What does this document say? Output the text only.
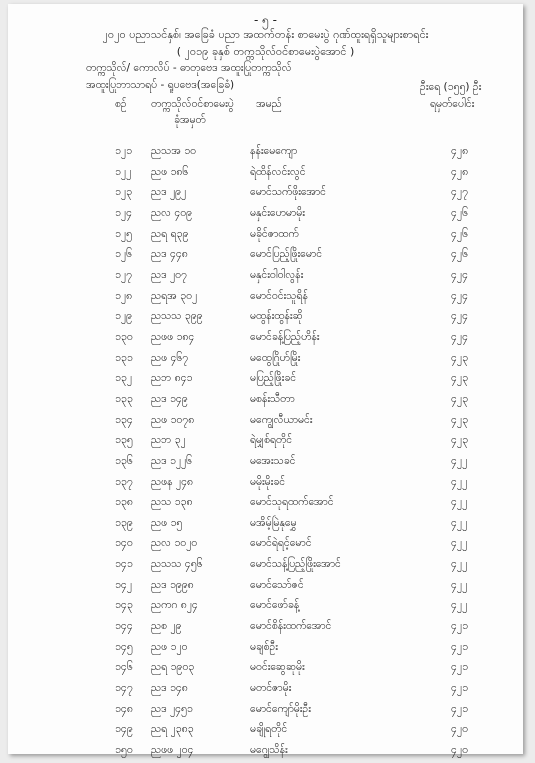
- ၅ -
၂၀၂၀ ပညာသင်နှစ်၊ အခြေခံ ပညာ အထက်တန်း စာမေးပွဲ ဂုဏ်ထူးရရှိသူများစာရင်း
( ၂၀၁၉ ခုနှစ် တက္ကသိုလ်ဝင်စာမေးပွဲအောင် )
တက္ကသိုလ်/ ကောလိပ် - ဓာတုဗေဒ အထူးပြုတက္ကသိုလ်
အထူးပြုဘာသာရပ် - ရူပဗေဒ(အခြေခံ)	ဦးရေ (၁၅၅) ဦး
စဉ် တက္ကသိုလ်ဝင်စာမေးပွဲ
ခုံအမှတ်
အမည်	ရမှတ်ပေါင်း
၁၂၁ ညသအ ၁၀	နန်းမေကျော	၄၂၈
၁၂၂ ညဖ ၁၈၆	ရဲထိန်လင်းလွင်	၄၂၈
၁၂၃ ညဒ ၂၉၂	မောင်သက်ဖိုးအောင်	၄၂၇
၁၂၄ ညလ ၄၀၉	မနှင်းဟေမာမိုး	၄၂၆
၁၂၅ ညရ ရ၃၉	မခိုင်ဇာထက်	၄၂၆
၁၂၆ ညဒ ၄၄၈	မောင်ပြည့်ဖြိုးမောင်	၄၂၆
၁၂၇ ညဒ ၂၀၇	မနှင်းဝါဝါလွန်း	၄၂၄
၁၂၈ ညရအ ၃၀၂	မောင်ဝင်းသူရိန်	၄၂၄
၁၂၉ ညသသ ၃၉၉	မထွန်းထွန်းဆို	၄၂၄
၁၃၀ ညဖဖ ၁၈၄	မောင်ခန့်ပြည့်ဟိန်း	၄၂၄
၁၃၁ ညဖ ၄၆၇	မထွေဂြိုဟ်မြိုး	၄၂၃
၁၃၂ ညဘ ၈၄၁	မပြည့်ဖြိုးခင်	၄၂၃
၁၃၃ ညဒ ၁၄၉	မစန်းသီတာ	၄၂၃
၁၃၄ ညဖ ၁၀၇၈	မကျွေလီယာမင်း	၄၂၃
၁၃၅ ညဘ ၃၂	ရဲမျှစ်ရတိုင်	၄၂၃
၁၃၆ ညဒ ၁၂၂၆	မအေးသခင်	၄၂၂
၁၃၇ ညဖန ၂၄၈	မမိုးမိုးခင်	၄၂၂
၁၃၈ ညသ ၁၃၈	မောင်သုရထက်အောင်	၄၂၂
၁၃၉ ညဖ ၁၅	မအိမ့်မြဲနုမွှေ	၄၂၂
၁၄၀ ညလ ၁၀၂၀	မောင်ရဲရင့်မောင်	၄၂၂
၁၄၁ ညသသ ၄၅၆	မောင်သန့်ပြည့်ဖြိုးအောင်	၄၂၂
၁၄၂ ညဒ ၁၉၉၈	မောင်သော်ဇင်	၄၂၂
၁၄၃ ညကဂ ၈၂၄	မောင်ဖော်ခန့်	၄၂၂
၁၄၄ ညစ ၂၉	မောင်စိန်းထက်အောင်	၄၂၁
၁၄၅ ညဖ ၁၂၀	မချစ်ဦး	၄၂၁
၁၄၆ ညရ ၁၉၀၃	မဝင်းဆွေဆုမိုး	၄၂၁
၁၄၇ ညဒ ၁၄၈	မတင်ဇာမိုး	၄၂၁
၁၄၈ ညဒ ၂၄၅၁	မောင်ကျော်မိုးဦး	၄၂၁
၁၄၉ ညရ ၂၃၈၃	မချိုရတိုင်	၄၂၀
၁၅၀ ညဖဖ ၂၀၄	မဂျွေသိန်း	၄၂၀
